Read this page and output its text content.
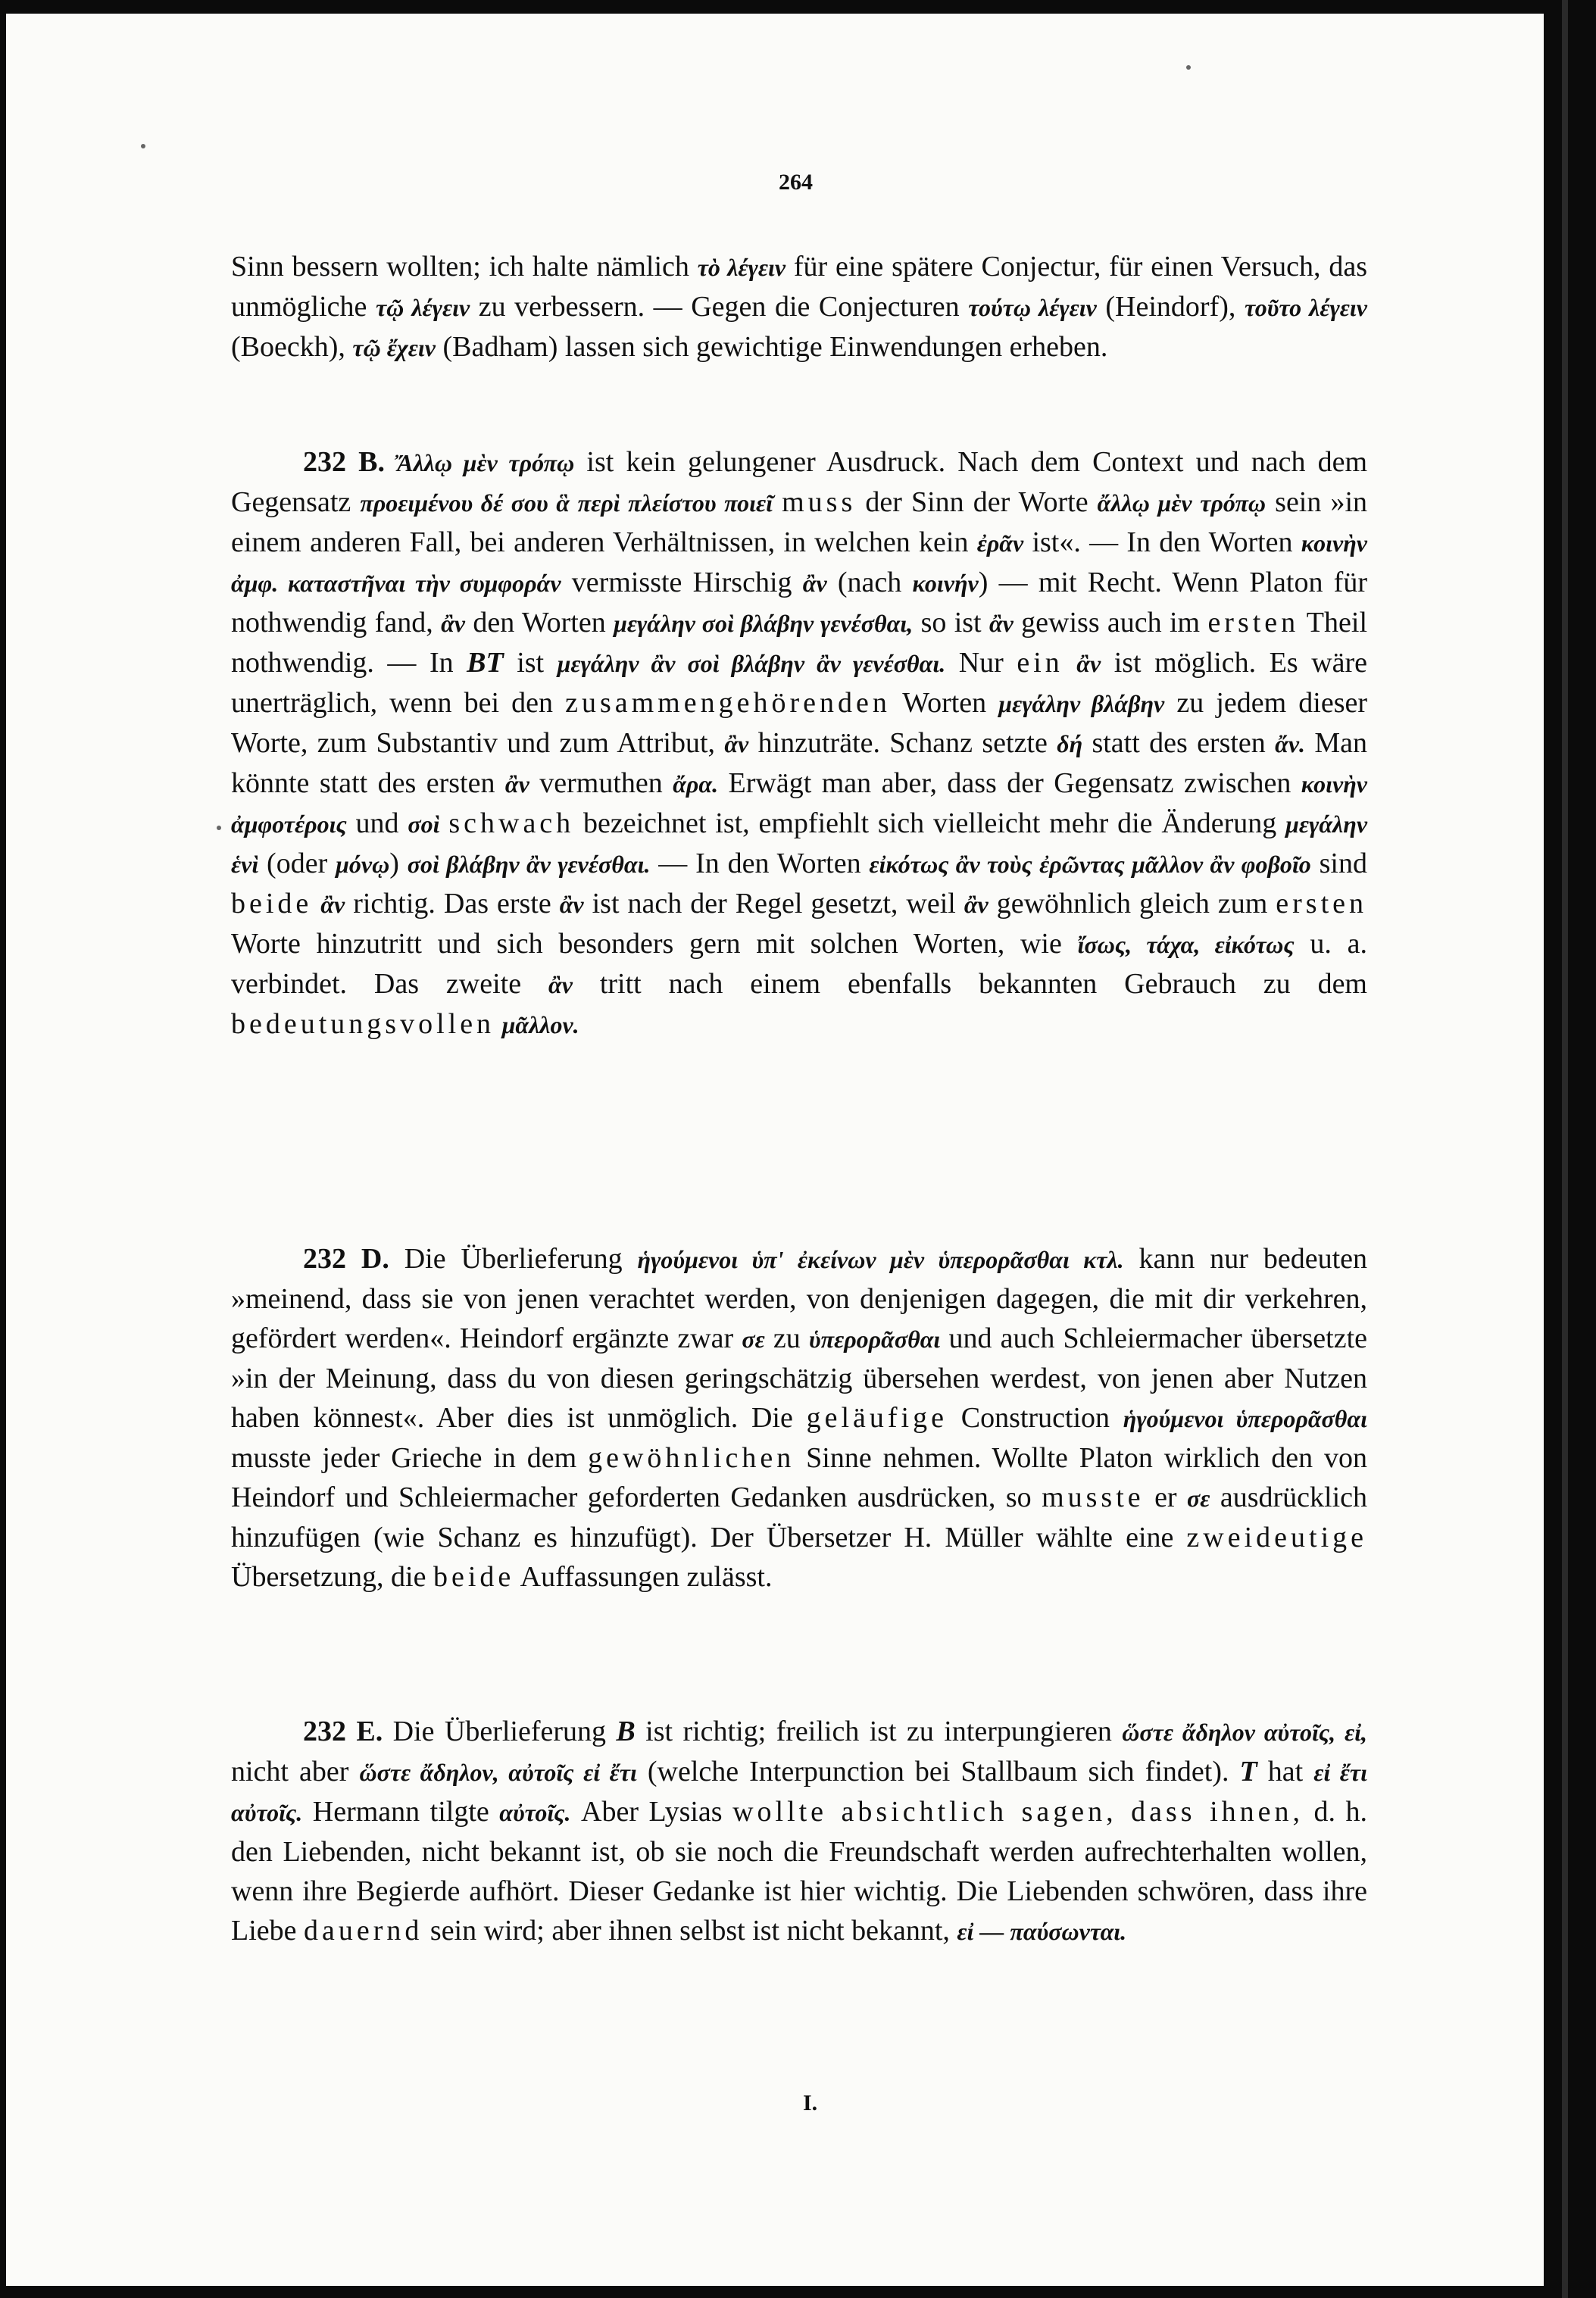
264
Sinn bessern wollten; ich halte nämlich τὸ λέγειν für eine spätere Conjectur, für einen Versuch, das unmögliche τῷ λέγειν zu verbessern. — Gegen die Conjecturen τούτῳ λέγειν (Heindorf), τοῦτο λέγειν (Boeckh), τῷ ἔχειν (Badham) lassen sich gewichtige Einwendungen erheben.
232 B. Ἄλλῳ μὲν τρόπῳ ist kein gelungener Ausdruck. Nach dem Context und nach dem Gegensatz προειμένου δέ σου ἃ περὶ πλείστου ποιεῖ muss der Sinn der Worte ἄλλῳ μὲν τρόπῳ sein »in einem anderen Fall, bei anderen Verhältnissen, in welchen kein ἐρᾶν ist«. — In den Worten κοινὴν ἀμφ. καταστῆναι τὴν συμφοράν vermisste Hirschig ἂν (nach κοινήν) — mit Recht. Wenn Platon für nothwendig fand, ἂν den Worten μεγάλην σοὶ βλάβην γενέσθαι, so ist ἂν gewiss auch im ersten Theil nothwendig. — In BT ist μεγάλην ἂν σοὶ βλάβην ἂν γενέσθαι. Nur ein ἂν ist möglich. Es wäre unerträglich, wenn bei den zusammengehörenden Worten μεγάλην βλάβην zu jedem dieser Worte, zum Substantiv und zum Attribut, ἂν hinzuträte. Schanz setzte δή statt des ersten ἄν. Man könnte statt des ersten ἂν vermuthen ἄρα. Erwägt man aber, dass der Gegensatz zwischen κοινὴν ἀμφοτέροις und σοὶ schwach bezeichnet ist, empfiehlt sich vielleicht mehr die Änderung μεγάλην ἑνὶ (oder μόνῳ) σοὶ βλάβην ἂν γενέσθαι. — In den Worten εἰκότως ἂν τοὺς ἐρῶντας μᾶλλον ἂν φοβοῖο sind beide ἂν richtig. Das erste ἂν ist nach der Regel gesetzt, weil ἂν gewöhnlich gleich zum ersten Worte hinzutritt und sich besonders gern mit solchen Worten, wie ἴσως, τάχα, εἰκότως u. a. verbindet. Das zweite ἂν tritt nach einem ebenfalls bekannten Gebrauch zu dem bedeutungsvollen μᾶλλον.
232 D. Die Überlieferung ἡγούμενοι ὑπ' ἐκείνων μὲν ὑπερορᾶσθαι κτλ. kann nur bedeuten »meinend, dass sie von jenen verachtet werden, von denjenigen dagegen, die mit dir verkehren, gefördert werden«. Heindorf ergänzte zwar σε zu ὑπερορᾶσθαι und auch Schleiermacher übersetzte »in der Meinung, dass du von diesen geringschätzig übersehen werdest, von jenen aber Nutzen haben könnest«. Aber dies ist unmöglich. Die geläufige Construction ἡγούμενοι ὑπερορᾶσθαι musste jeder Grieche in dem gewöhnlichen Sinne nehmen. Wollte Platon wirklich den von Heindorf und Schleiermacher geforderten Gedanken ausdrücken, so musste er σε ausdrücklich hinzufügen (wie Schanz es hinzufügt). Der Übersetzer H. Müller wählte eine zweideutige Übersetzung, die beide Auffassungen zulässt.
232 E. Die Überlieferung B ist richtig; freilich ist zu interpungieren ὥστε ἄδηλον αὐτοῖς, εἰ, nicht aber ὥστε ἄδηλον, αὐτοῖς εἰ ἔτι (welche Interpunction bei Stallbaum sich findet). T hat εἰ ἔτι αὐτοῖς. Hermann tilgte αὐτοῖς. Aber Lysias wollte absichtlich sagen, dass ihnen, d. h. den Liebenden, nicht bekannt ist, ob sie noch die Freundschaft werden aufrechterhalten wollen, wenn ihre Begierde aufhört. Dieser Gedanke ist hier wichtig. Die Liebenden schwören, dass ihre Liebe dauernd sein wird; aber ihnen selbst ist nicht bekannt, εἰ — παύσωνται.
I.
